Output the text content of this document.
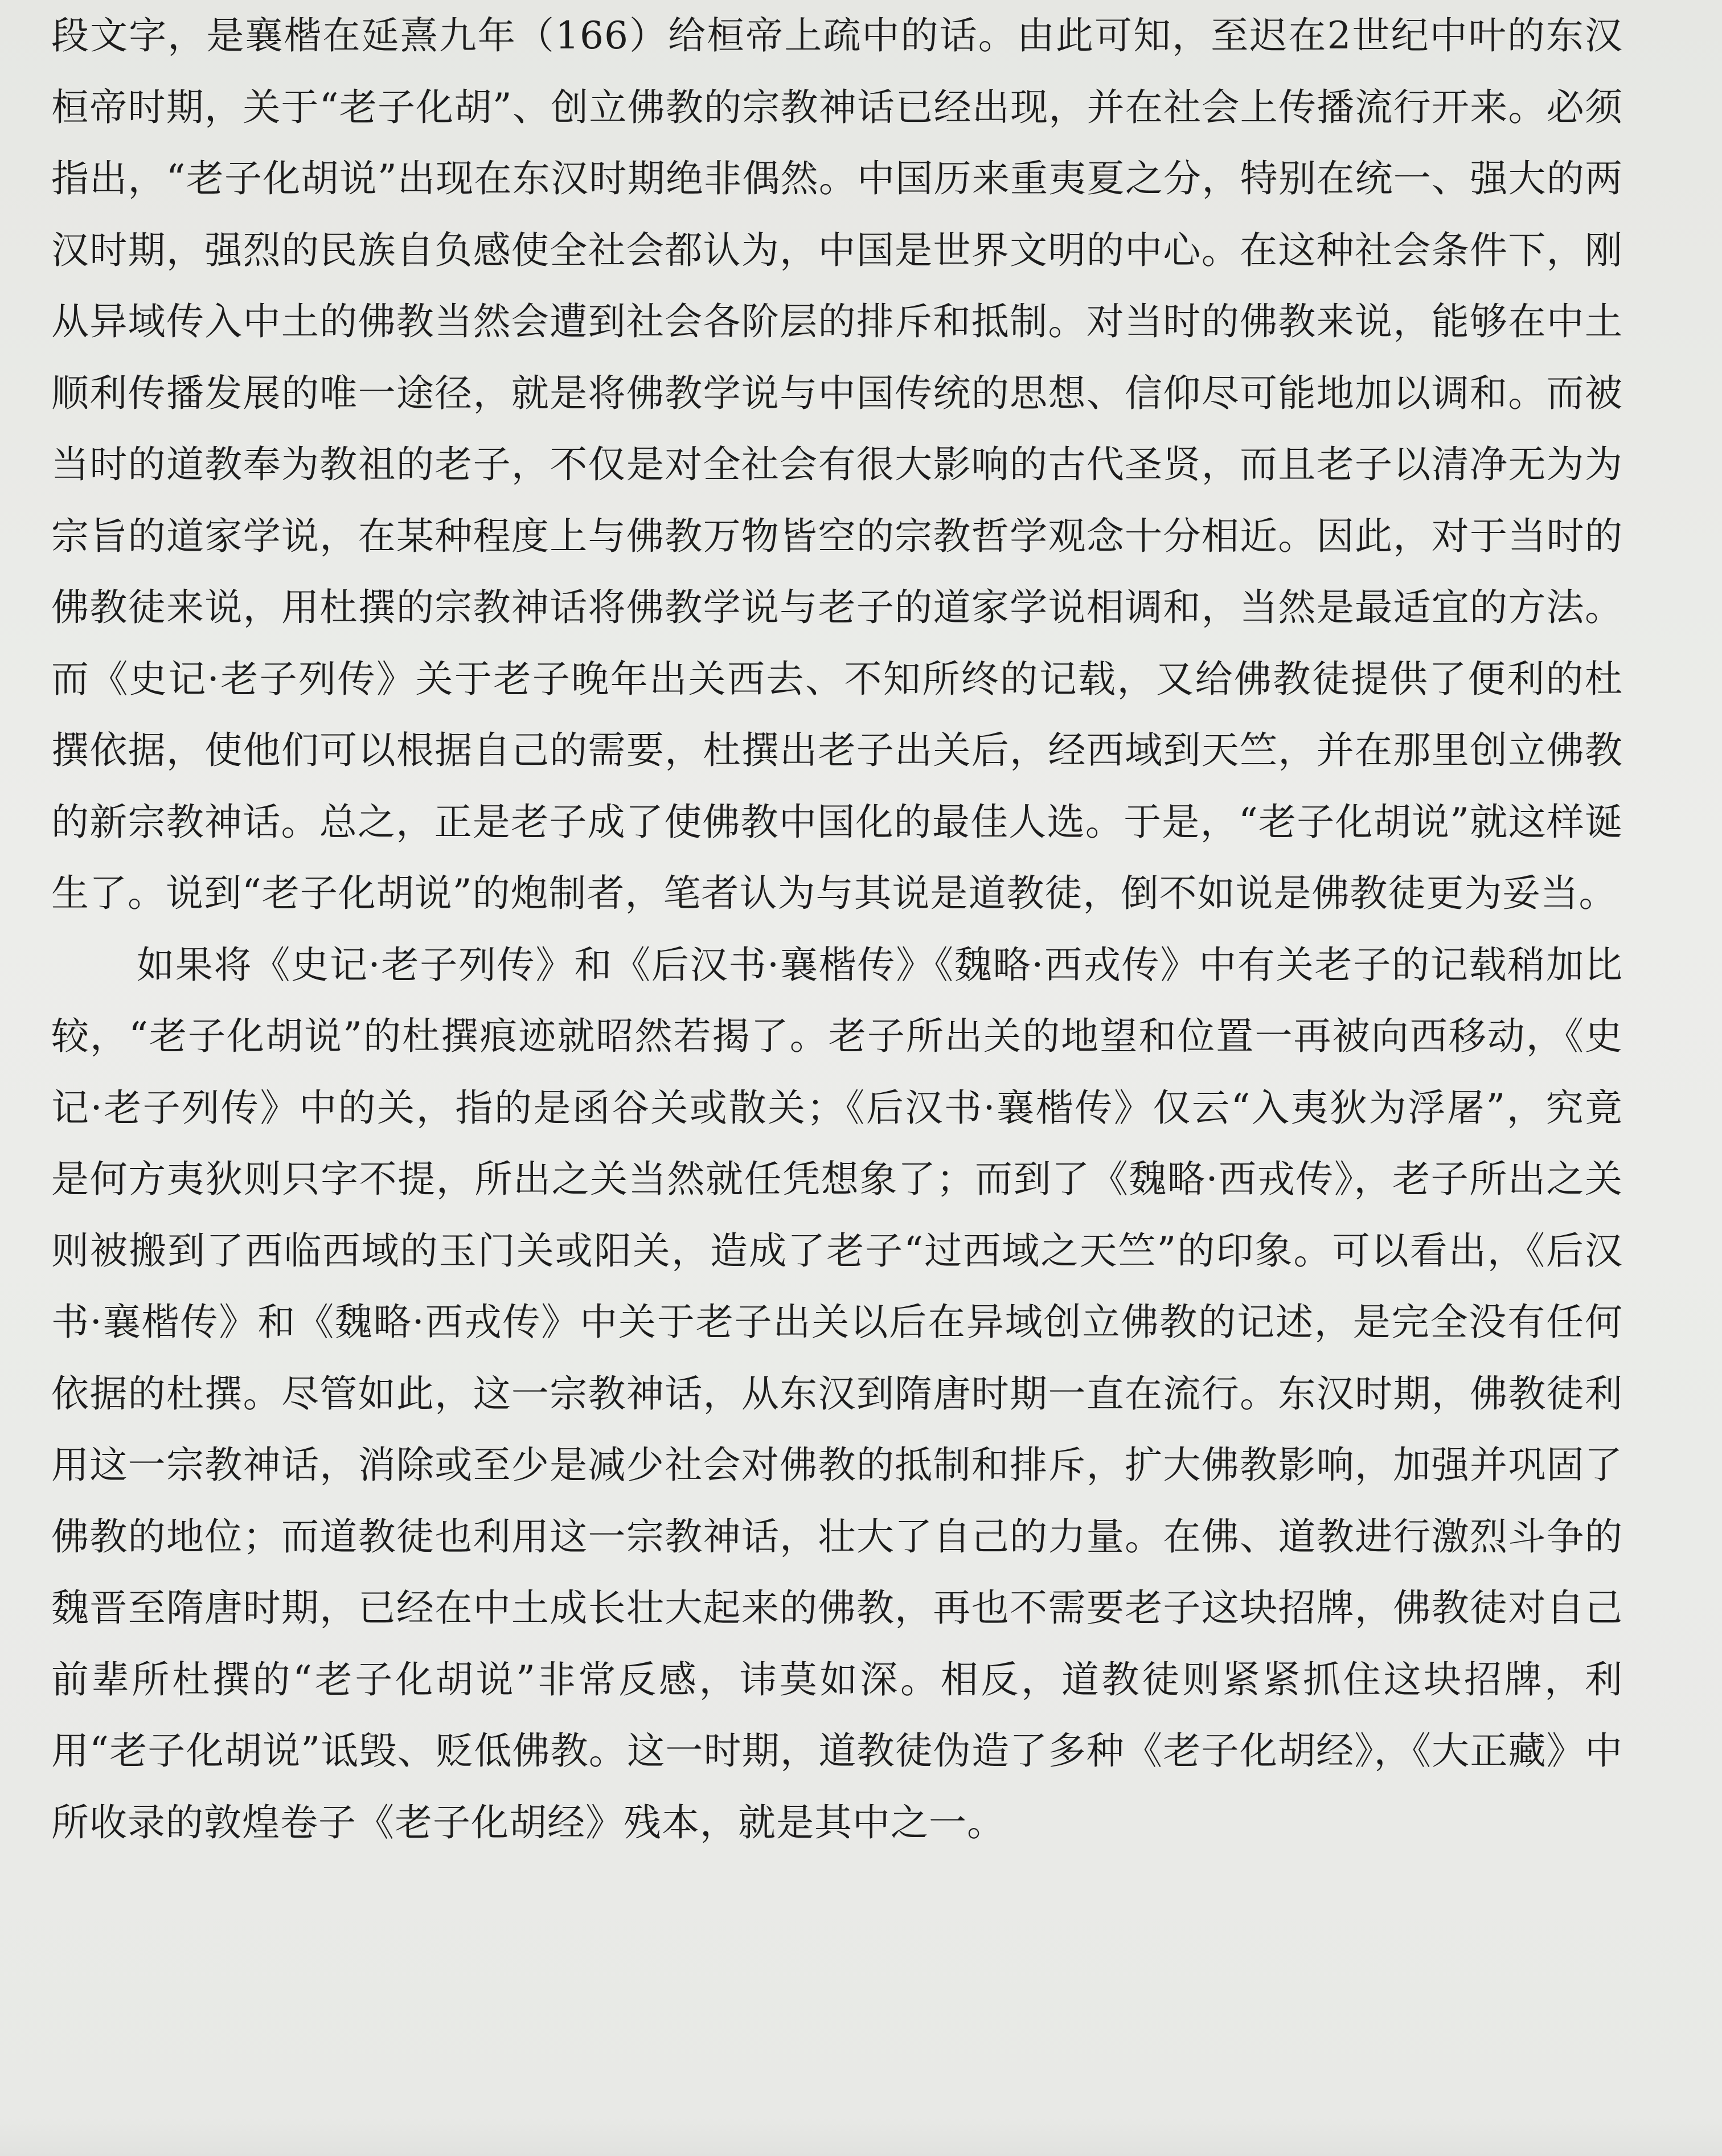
段文字，是襄楷在延熹九年（166）给桓帝上疏中的话。由此可知，至迟在2世纪中叶的东汉桓帝时期，关于“老子化胡”、创立佛教的宗教神话已经出现，并在社会上传播流行开来。必须指出，“老子化胡说”出现在东汉时期绝非偶然。中国历来重夷夏之分，特别在统一、强大的两汉时期，强烈的民族自负感使全社会都认为，中国是世界文明的中心。在这种社会条件下，刚从异域传入中土的佛教当然会遭到社会各阶层的排斥和抵制。对当时的佛教来说，能够在中土顺利传播发展的唯一途径，就是将佛教学说与中国传统的思想、信仰尽可能地加以调和。而被当时的道教奉为教祖的老子，不仅是对全社会有很大影响的古代圣贤，而且老子以清净无为为宗旨的道家学说，在某种程度上与佛教万物皆空的宗教哲学观念十分相近。因此，对于当时的佛教徒来说，用杜撰的宗教神话将佛教学说与老子的道家学说相调和，当然是最适宜的方法。而《史记·老子列传》关于老子晚年出关西去、不知所终的记载，又给佛教徒提供了便利的杜撰依据，使他们可以根据自己的需要，杜撰出老子出关后，经西域到天竺，并在那里创立佛教的新宗教神话。总之，正是老子成了使佛教中国化的最佳人选。于是，“老子化胡说”就这样诞生了。说到“老子化胡说”的炮制者，笔者认为与其说是道教徒，倒不如说是佛教徒更为妥当。

如果将《史记·老子列传》和《后汉书·襄楷传》《魏略·西戎传》中有关老子的记载稍加比较，“老子化胡说”的杜撰痕迹就昭然若揭了。老子所出关的地望和位置一再被向西移动，《史记·老子列传》中的关，指的是函谷关或散关；《后汉书·襄楷传》仅云“入夷狄为浮屠”，究竟是何方夷狄则只字不提，所出之关当然就任凭想象了；而到了《魏略·西戎传》，老子所出之关则被搬到了西临西域的玉门关或阳关，造成了老子“过西域之天竺”的印象。可以看出，《后汉书·襄楷传》和《魏略·西戎传》中关于老子出关以后在异域创立佛教的记述，是完全没有任何依据的杜撰。尽管如此，这一宗教神话，从东汉到隋唐时期一直在流行。东汉时期，佛教徒利用这一宗教神话，消除或至少是减少社会对佛教的抵制和排斥，扩大佛教影响，加强并巩固了佛教的地位；而道教徒也利用这一宗教神话，壮大了自己的力量。在佛、道教进行激烈斗争的魏晋至隋唐时期，已经在中土成长壮大起来的佛教，再也不需要老子这块招牌，佛教徒对自己前辈所杜撰的“老子化胡说”非常反感，讳莫如深。相反，道教徒则紧紧抓住这块招牌，利用“老子化胡说”诋毁、贬低佛教。这一时期，道教徒伪造了多种《老子化胡经》，《大正藏》中所收录的敦煌卷子《老子化胡经》残本，就是其中之一。
